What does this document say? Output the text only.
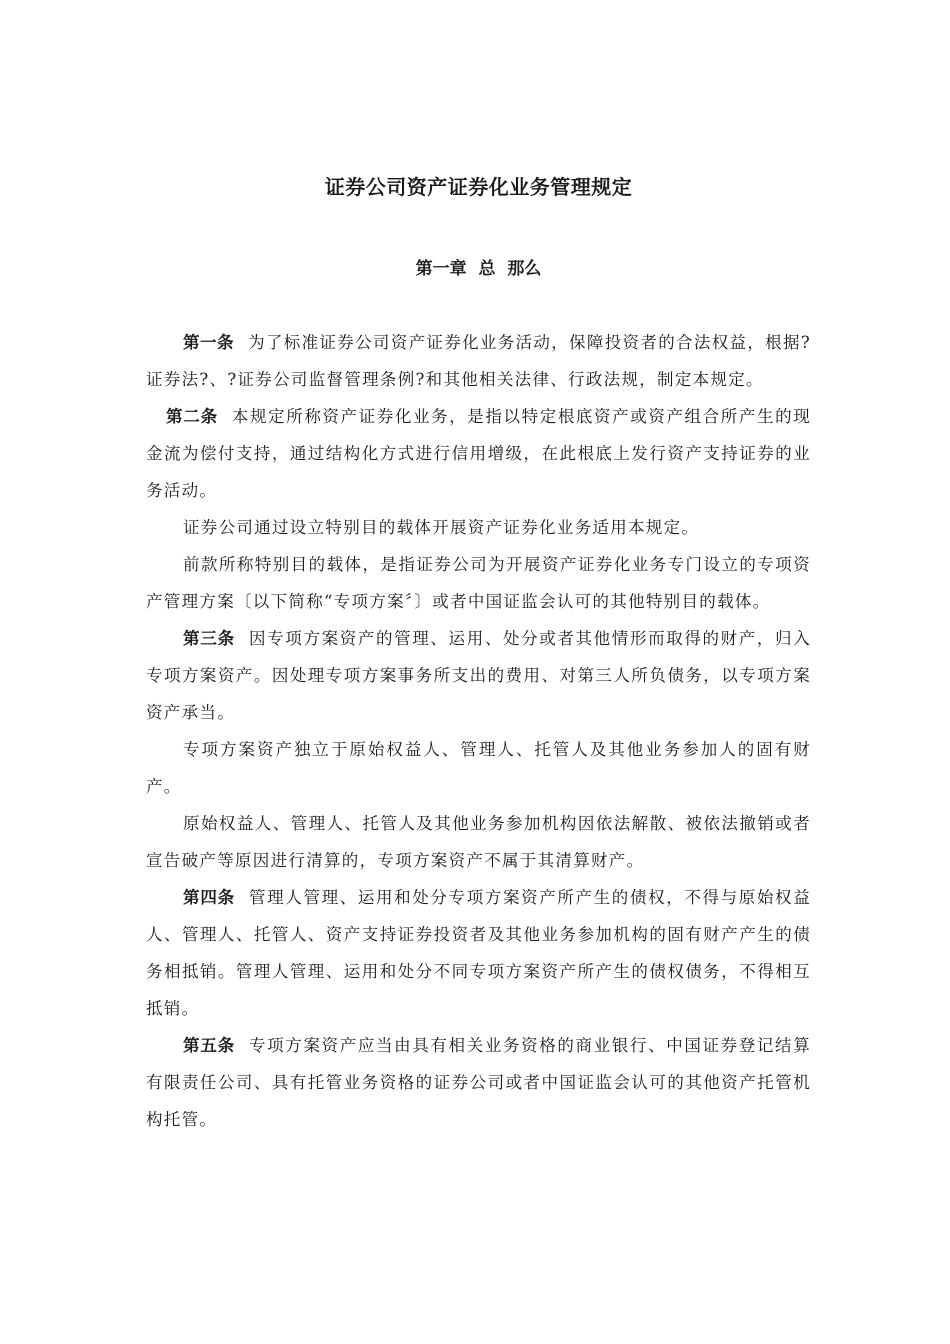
证券公司资产证券化业务管理规定
第一章  总  那么

第一条 为了标准证券公司资产证券化业务活动，保障投资者的合法权益，根据?证券法?、?证券公司监督管理条例?和其他相关法律、行政法规，制定本规定。

第二条 本规定所称资产证券化业务，是指以特定根底资产或资产组合所产生的现金流为偿付支持，通过结构化方式进行信用增级，在此根底上发行资产支持证券的业务活动。

证券公司通过设立特别目的载体开展资产证券化业务适用本规定。

前款所称特别目的载体，是指证券公司为开展资产证券化业务专门设立的专项资产管理方案〔以下简称“专项方案〞〕或者中国证监会认可的其他特别目的载体。

第三条 因专项方案资产的管理、运用、处分或者其他情形而取得的财产，归入专项方案资产。因处理专项方案事务所支出的费用、对第三人所负债务，以专项方案资产承当。

专项方案资产独立于原始权益人、管理人、托管人及其他业务参加人的固有财产。

原始权益人、管理人、托管人及其他业务参加机构因依法解散、被依法撤销或者宣告破产等原因进行清算的，专项方案资产不属于其清算财产。

第四条 管理人管理、运用和处分专项方案资产所产生的债权，不得与原始权益人、管理人、托管人、资产支持证券投资者及其他业务参加机构的固有财产产生的债务相抵销。管理人管理、运用和处分不同专项方案资产所产生的债权债务，不得相互抵销。

第五条 专项方案资产应当由具有相关业务资格的商业银行、中国证券登记结算有限责任公司、具有托管业务资格的证券公司或者中国证监会认可的其他资产托管机构托管。
